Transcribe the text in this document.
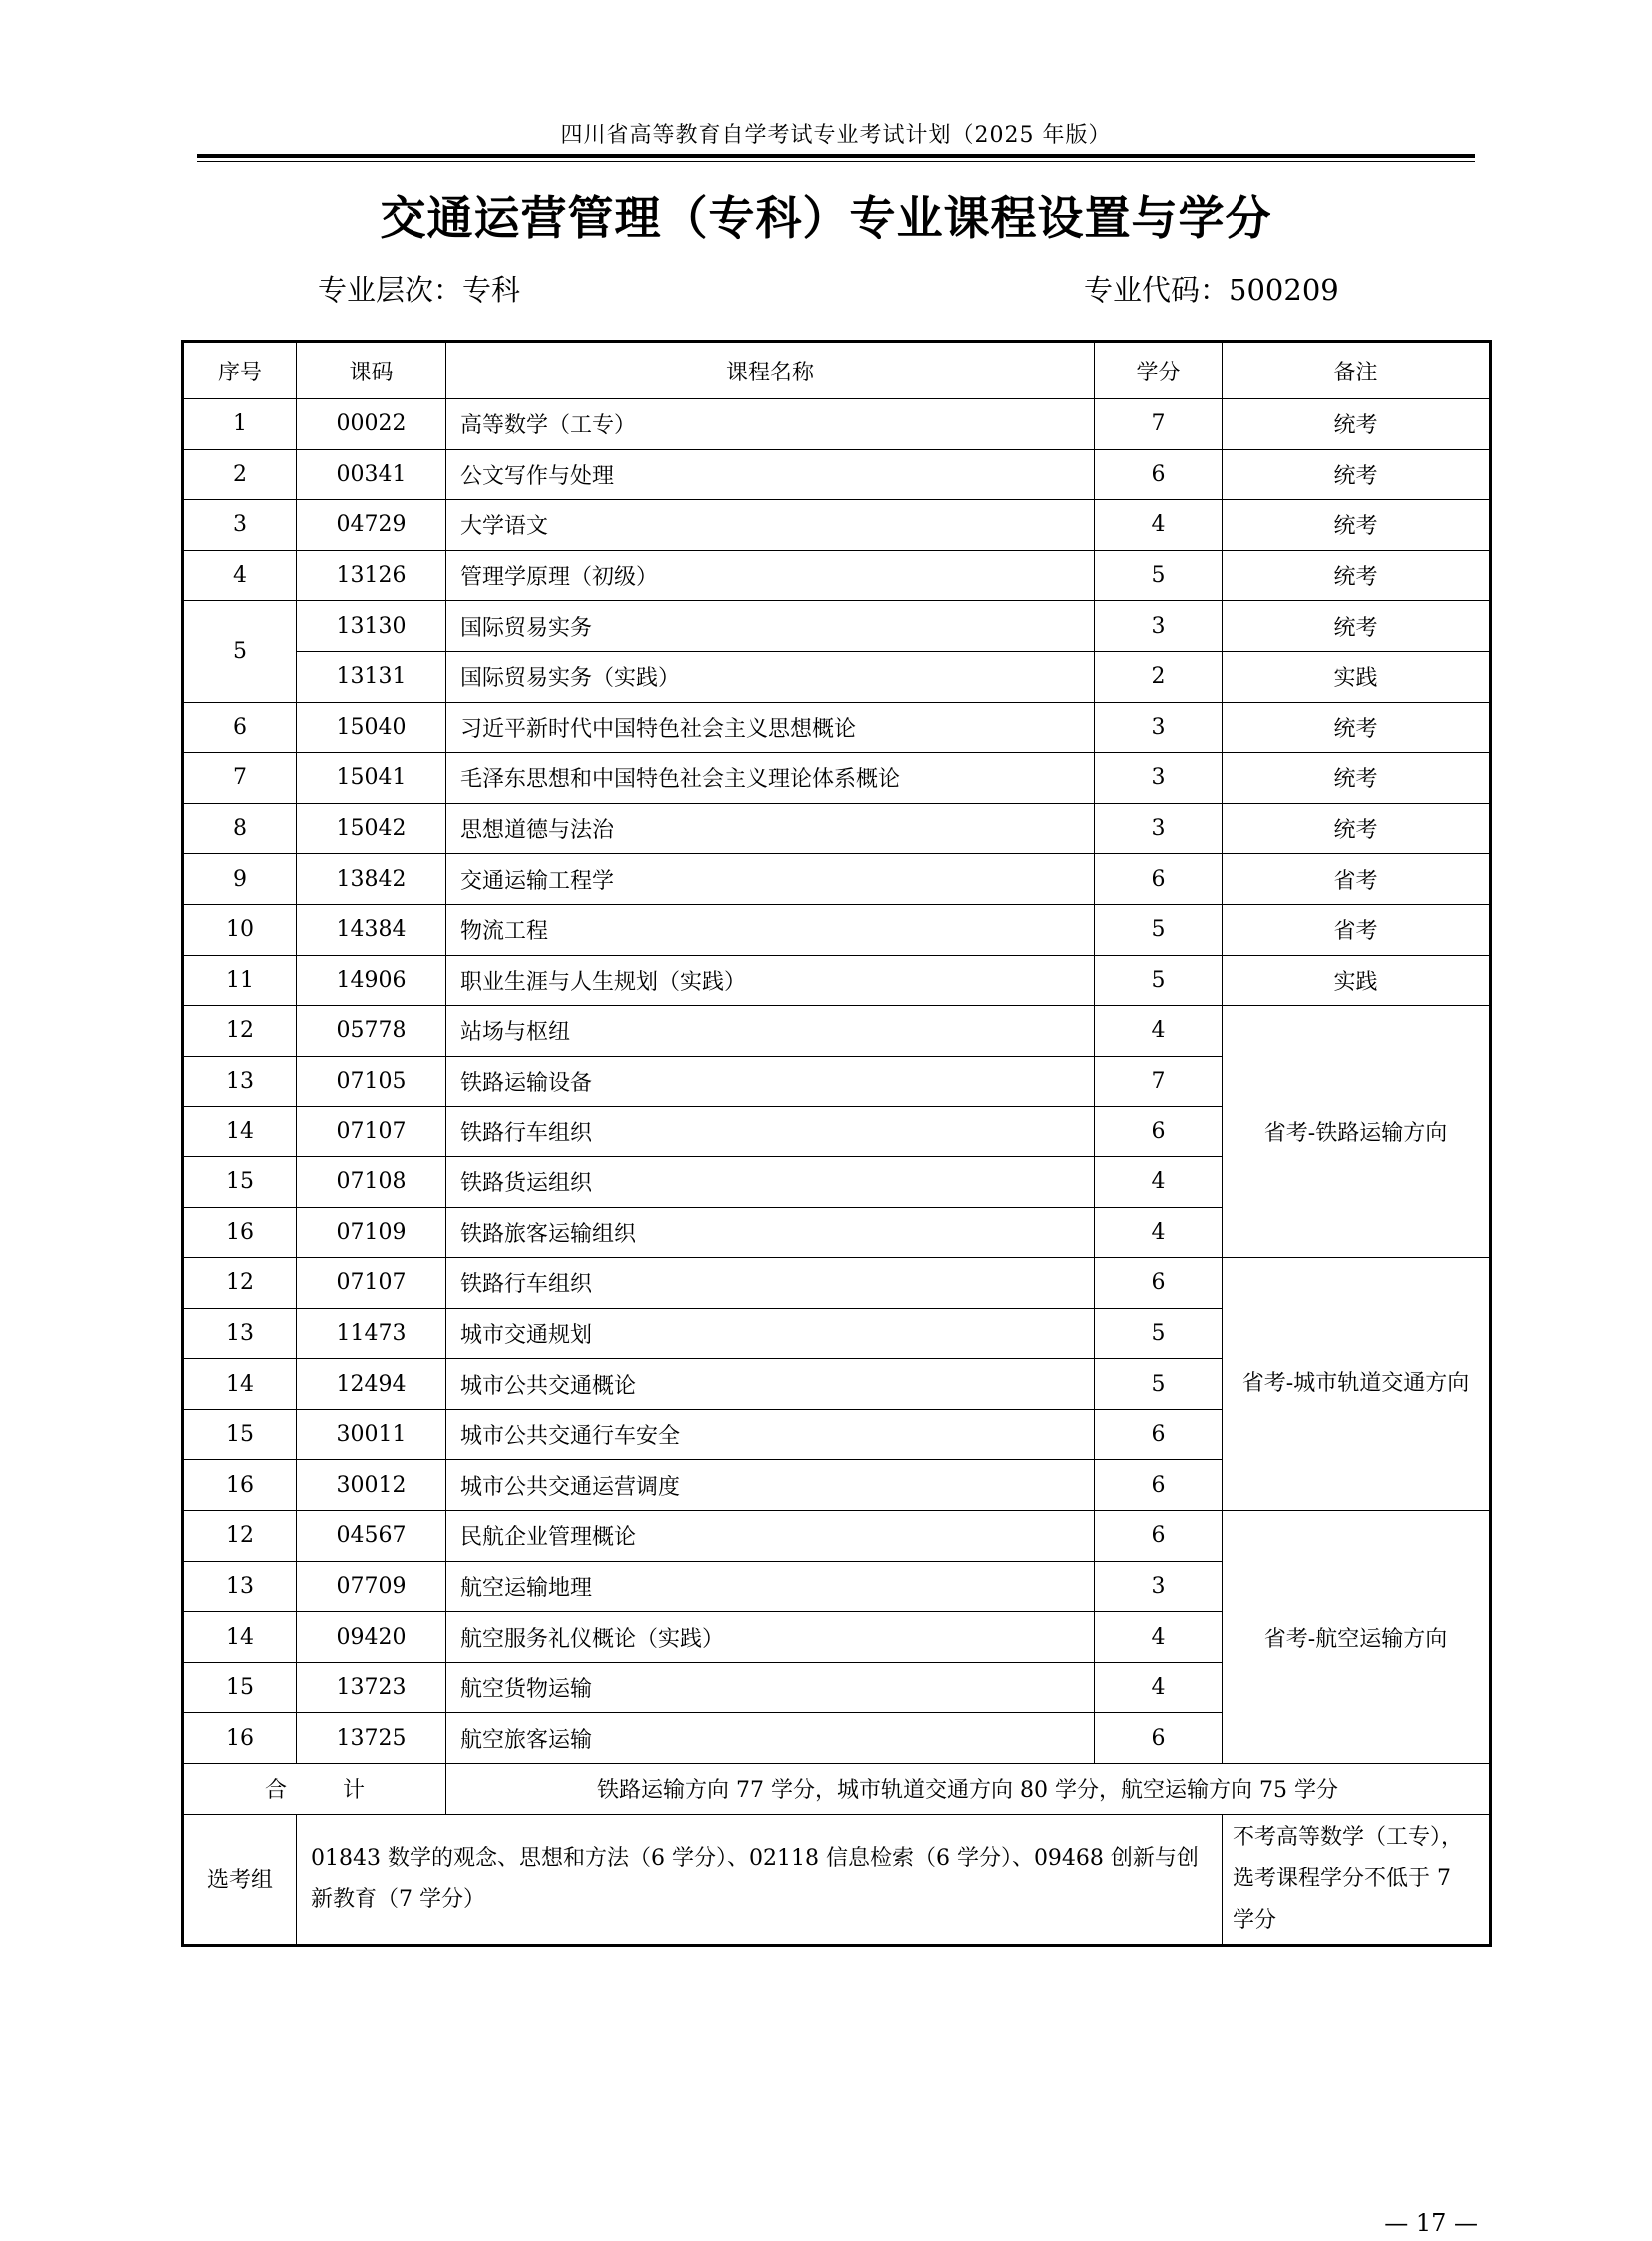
四川省高等教育自学考试专业考试计划（2025 年版）
交通运营管理（专科）专业课程设置与学分
专业层次：专科	专业代码：500209
序号	课码	课程名称	学分	备注
1	00022	高等数学（工专）	7	统考
2	00341	公文写作与处理	6	统考
3	04729	大学语文	4	统考
4	13126	管理学原理（初级）	5	统考
5	13130	国际贸易实务	3	统考
	13131	国际贸易实务（实践）	2	实践
6	15040	习近平新时代中国特色社会主义思想概论	3	统考
7	15041	毛泽东思想和中国特色社会主义理论体系概论	3	统考
8	15042	思想道德与法治	3	统考
9	13842	交通运输工程学	6	省考
10	14384	物流工程	5	省考
11	14906	职业生涯与人生规划（实践）	5	实践
12	05778	站场与枢纽	4	省考-铁路运输方向
13	07105	铁路运输设备	7	
14	07107	铁路行车组织	6	
15	07108	铁路货运组织	4	
16	07109	铁路旅客运输组织	4	
12	07107	铁路行车组织	6	省考-城市轨道交通方向
13	11473	城市交通规划	5	
14	12494	城市公共交通概论	5	
15	30011	城市公共交通行车安全	6	
16	30012	城市公共交通运营调度	6	
12	04567	民航企业管理概论	6	省考-航空运输方向
13	07709	航空运输地理	3	
14	09420	航空服务礼仪概论（实践）	4	
15	13723	航空货物运输	4	
16	13725	航空旅客运输	6	
合计		铁路运输方向 77 学分，城市轨道交通方向 80 学分，航空运输方向 75 学分		
选考组	01843 数学的观念、思想和方法（6 学分）、02118 信息检索（6 学分）、09468 创新与创新教育（7 学分）			不考高等数学（工专），选考课程学分不低于 7 学分
— 17 —
